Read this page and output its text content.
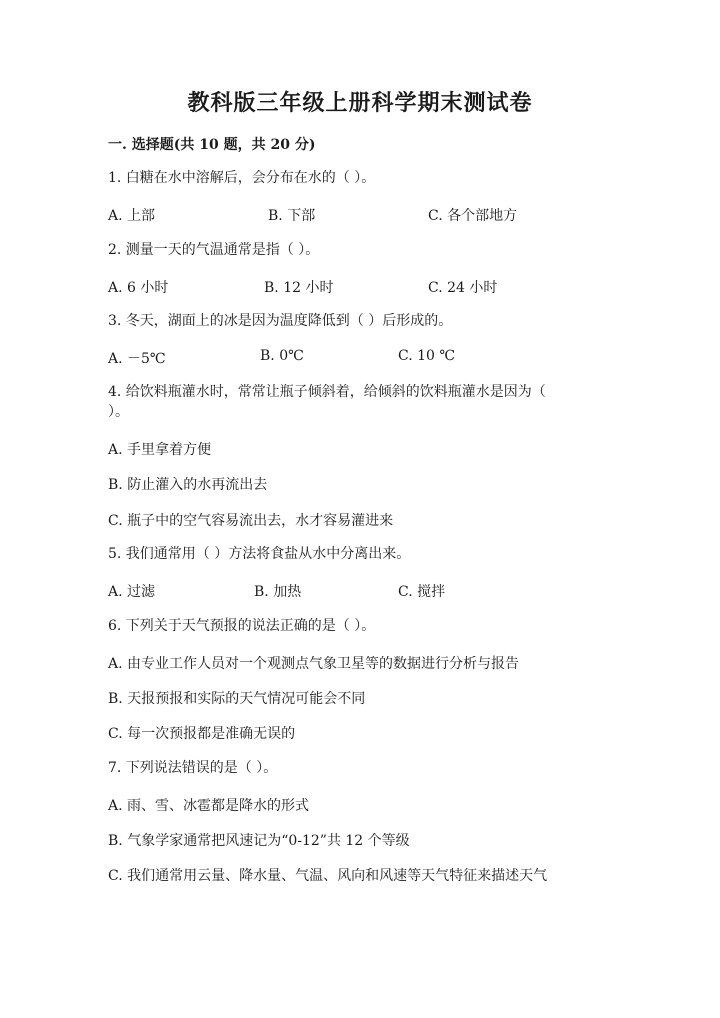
教科版三年级上册科学期末测试卷
一. 选择题(共 10 题，共 20 分)
1. 白糖在水中溶解后，会分布在水的（ ）。
A. 上部	B. 下部	C. 各个部地方
2. 测量一天的气温通常是指（ ）。
A. 6 小时	B. 12 小时	C. 24 小时
3. 冬天，湖面上的冰是因为温度降低到（ ）后形成的。
A. －5℃	B. 0℃	C. 10 ℃
4. 给饮料瓶灌水时，常常让瓶子倾斜着，给倾斜的饮料瓶灌水是因为（ ）。
A. 手里拿着方便
B. 防止灌入的水再流出去
C. 瓶子中的空气容易流出去，水才容易灌进来
5. 我们通常用（ ）方法将食盐从水中分离出来。
A. 过滤	B. 加热	C. 搅拌
6. 下列关于天气预报的说法正确的是（ ）。
A. 由专业工作人员对一个观测点气象卫星等的数据进行分析与报告
B. 天报预报和实际的天气情况可能会不同
C. 每一次预报都是准确无误的
7. 下列说法错误的是（ ）。
A. 雨、雪、冰雹都是降水的形式
B. 气象学家通常把风速记为“0-12”共 12 个等级
C. 我们通常用云量、降水量、气温、风向和风速等天气特征来描述天气
